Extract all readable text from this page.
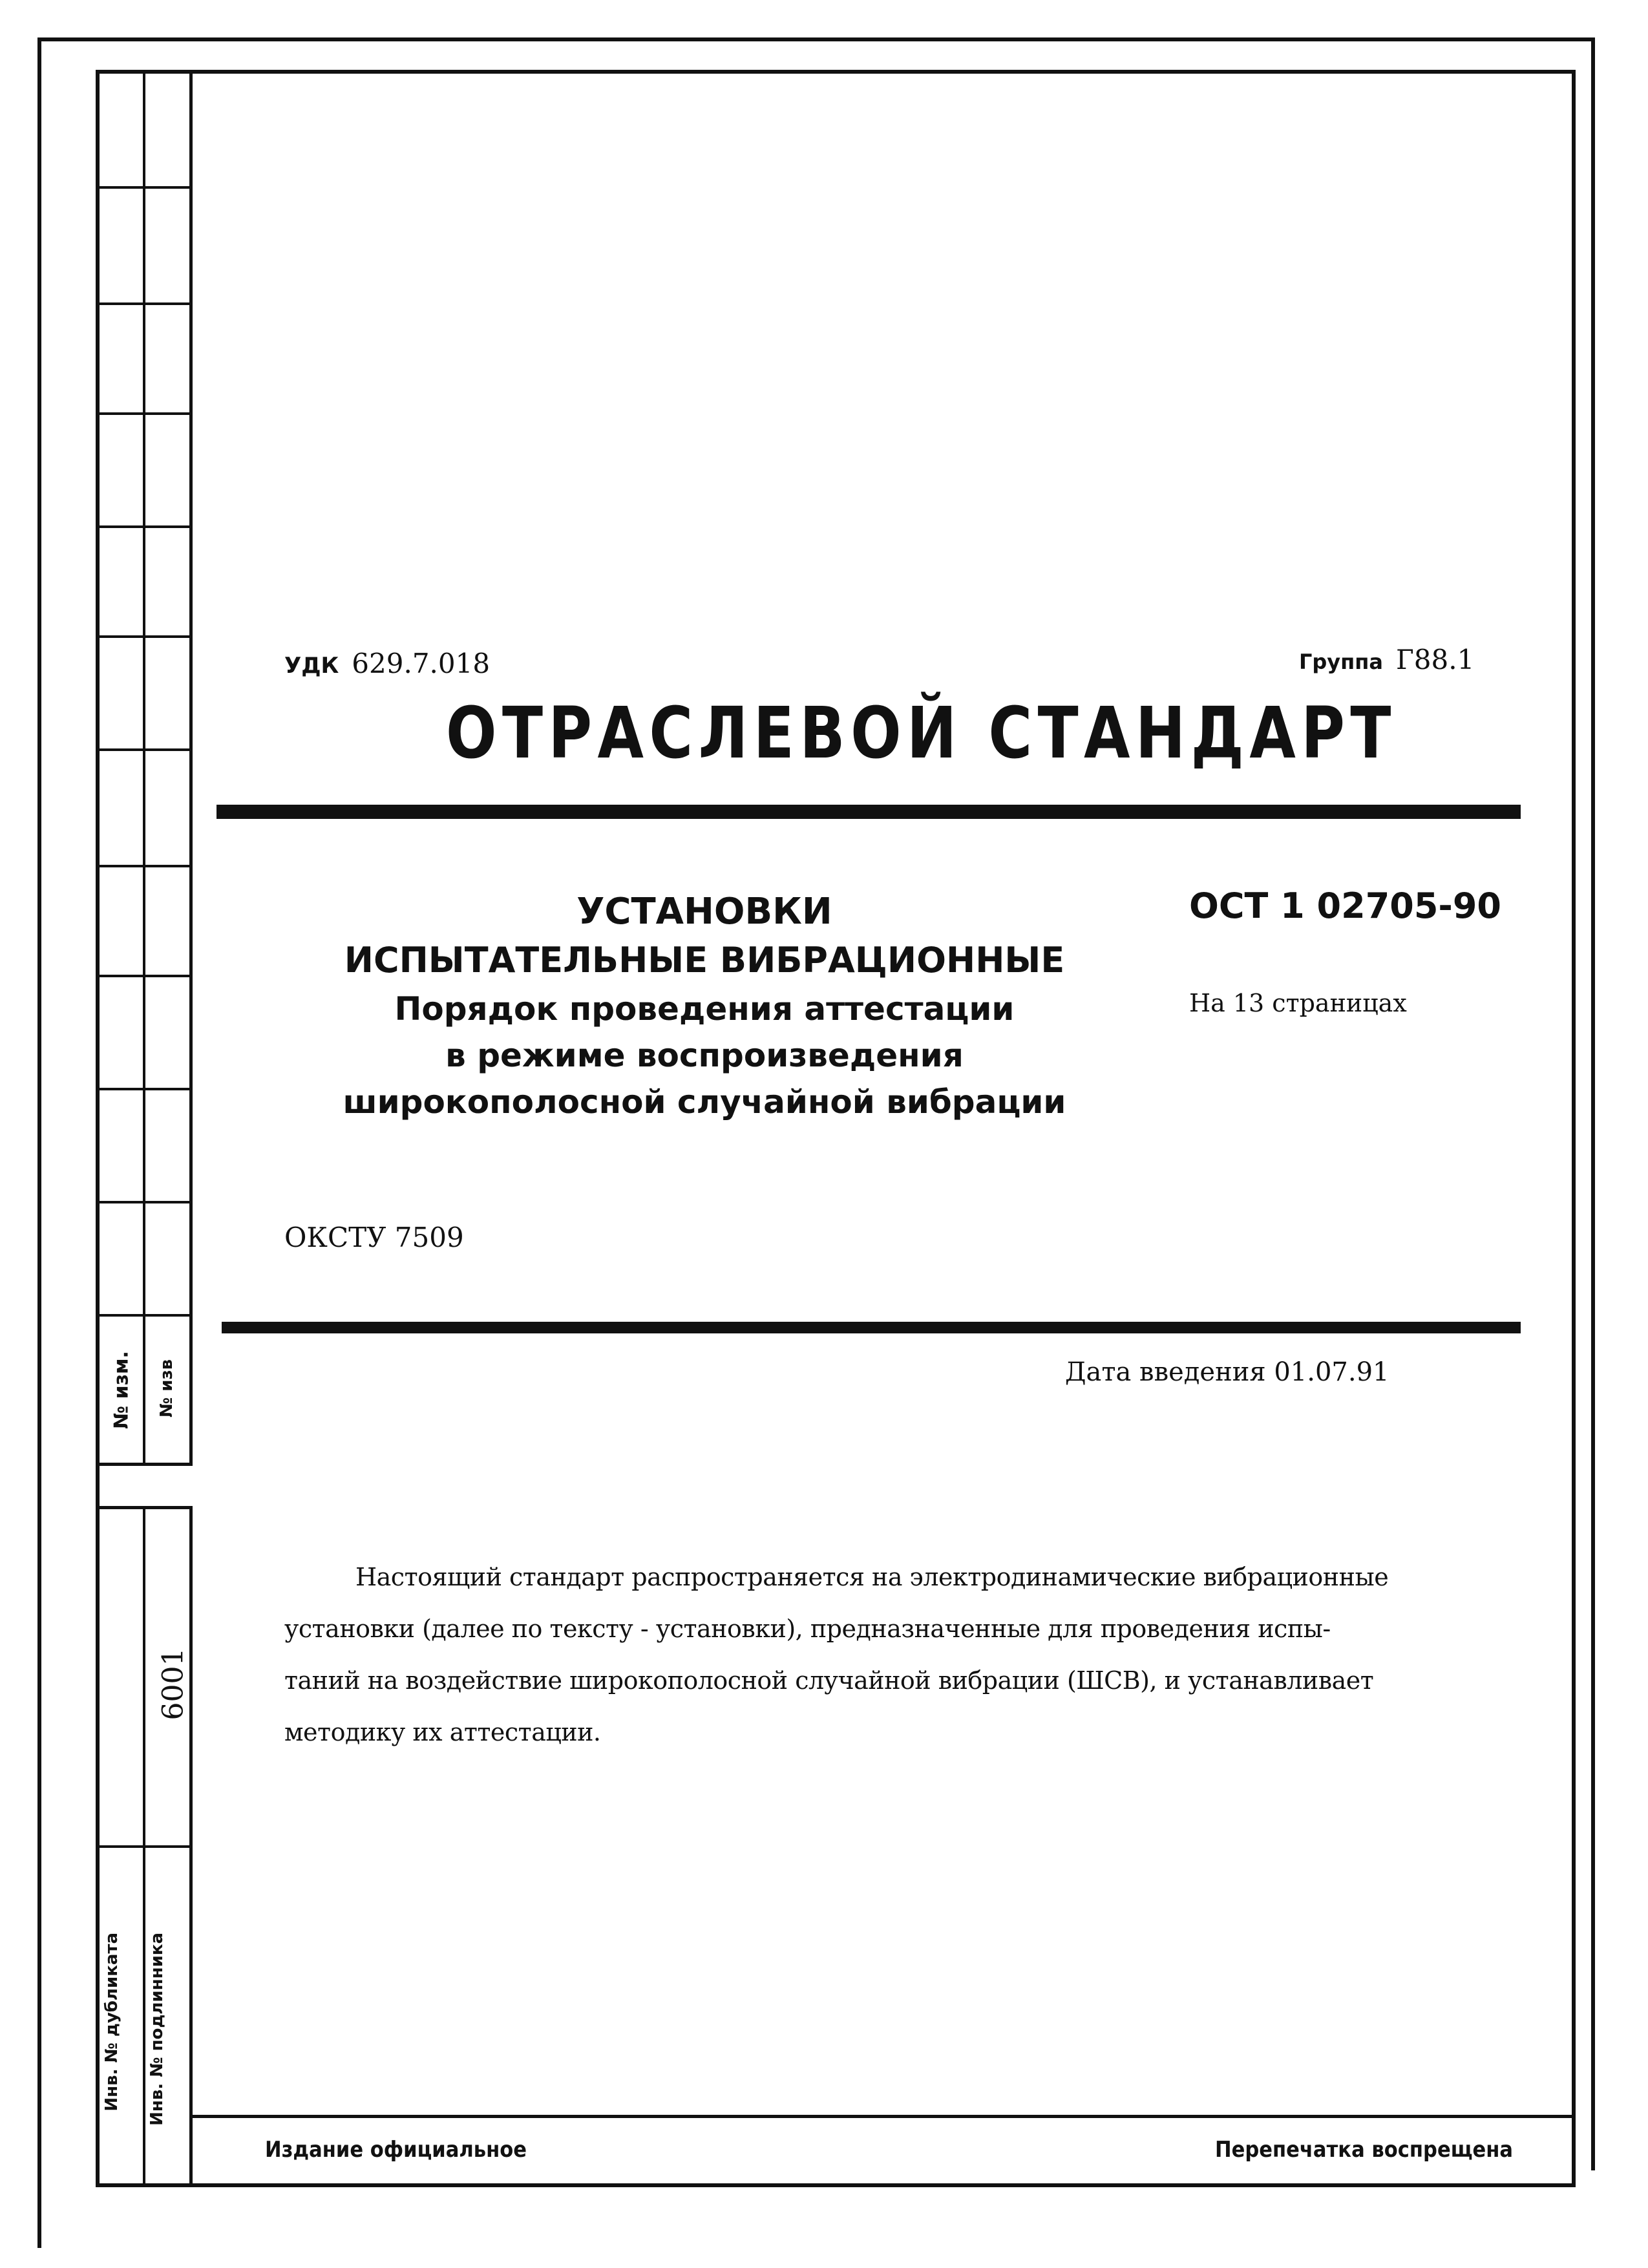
№ изм. № изв
6001
Инв. № дубликата Инв. № подлинника
УДК 629.7.018	Группа Г88.1
ОТРАСЛЕВОЙ СТАНДАРТ
УСТАНОВКИ
ИСПЫТАТЕЛЬНЫЕ ВИБРАЦИОННЫЕ
Порядок проведения аттестации
в режиме воспроизведения
широкополосной случайной вибрации
ОСТ 1 02705-90
На 13 страницах
ОКСТУ 7509
Дата введения 01.07.91
Настоящий стандарт распространяется на электродинамические вибрационные
установки (далее по тексту - установки), предназначенные для проведения испы-
таний на воздействие широкополосной случайной вибрации (ШСВ), и устанавливает
методику их аттестации.
Издание официальное	Перепечатка воспрещена
